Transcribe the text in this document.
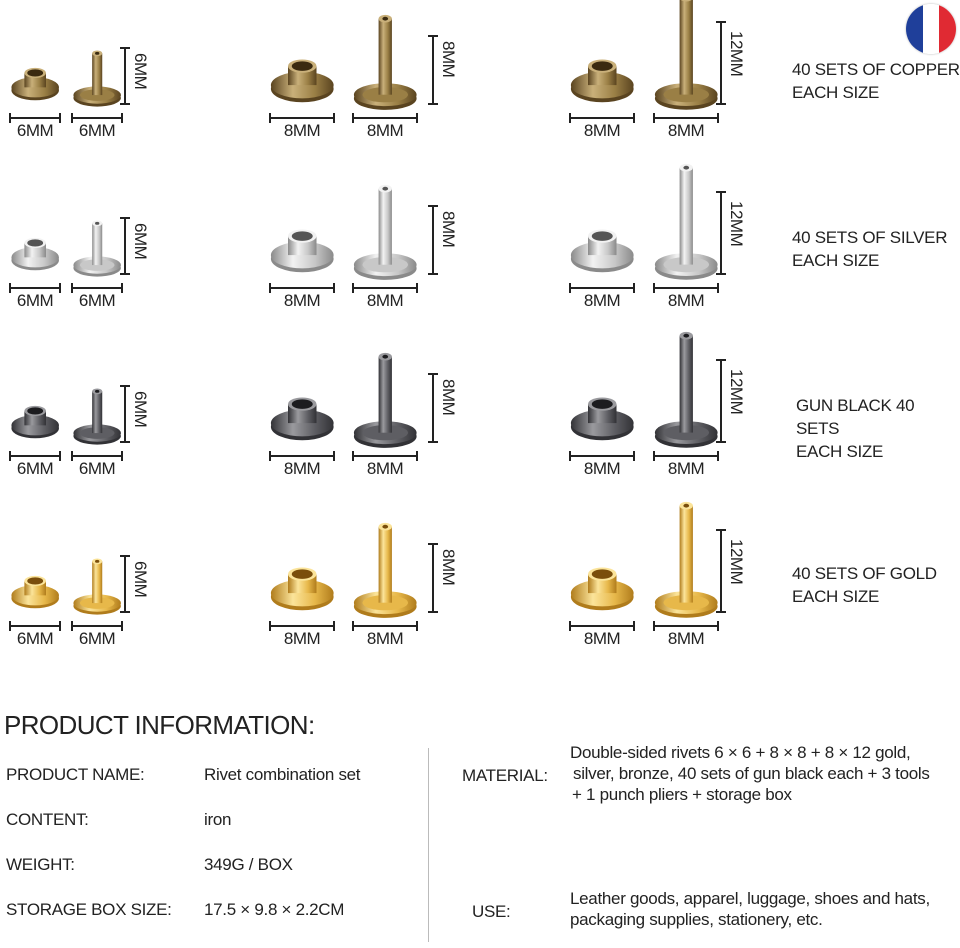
6MM	6MM
6MM
8MM	8MM
8MM
8MM	8MM
12MM	40 SETS OF COPPER
EACH SIZE
6MM	6MM
6MM
8MM	8MM
8MM
8MM	8MM
12MM	40 SETS OF SILVER
EACH SIZE
6MM	6MM
6MM
8MM	8MM
8MM
8MM	8MM
12MM	GUN BLACK 40 SETS
EACH SIZE
6MM	6MM
6MM
8MM	8MM
8MM
8MM	8MM
12MM	40 SETS OF GOLD
EACH SIZE
PRODUCT INFORMATION:
PRODUCT NAME:	Rivet combination set
CONTENT:	iron
WEIGHT:	349G / BOX
STORAGE BOX SIZE: 17.5 × 9.8 × 2.2CM
MATERIAL:
Double-sided rivets 6 × 6 + 8 × 8 + 8 × 12 gold,
silver, bronze, 40 sets of gun black each + 3 tools
+ 1 punch pliers + storage box
USE:
Leather goods, apparel, luggage, shoes and hats,
packaging supplies, stationery, etc.
